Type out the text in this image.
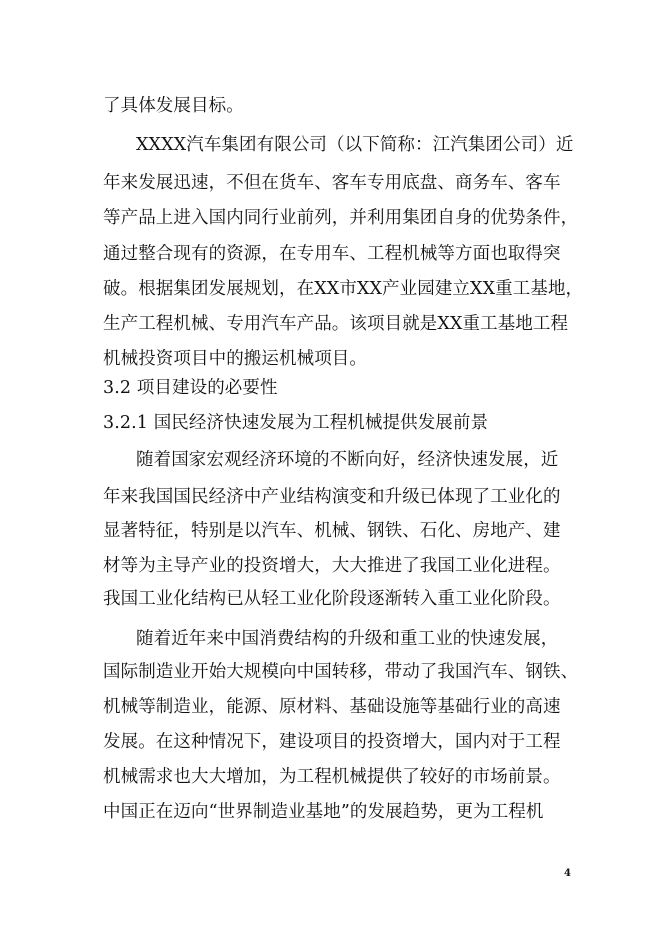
了具体发展目标。

XXXX汽车集团有限公司（以下简称：江汽集团公司）近

年来发展迅速，不但在货车、客车专用底盘、商务车、客车

等产品上进入国内同行业前列，并利用集团自身的优势条件，

通过整合现有的资源，在专用车、工程机械等方面也取得突

破。根据集团发展规划，在XX市XX产业园建立XX重工基地，

生产工程机械、专用汽车产品。该项目就是XX重工基地工程

机械投资项目中的搬运机械项目。

3.2 项目建设的必要性

3.2.1 国民经济快速发展为工程机械提供发展前景

随着国家宏观经济环境的不断向好，经济快速发展，近

年来我国国民经济中产业结构演变和升级已体现了工业化的

显著特征，特别是以汽车、机械、钢铁、石化、房地产、建

材等为主导产业的投资增大，大大推进了我国工业化进程。

我国工业化结构已从轻工业化阶段逐渐转入重工业化阶段。

随着近年来中国消费结构的升级和重工业的快速发展，

国际制造业开始大规模向中国转移，带动了我国汽车、钢铁、

机械等制造业，能源、原材料、基础设施等基础行业的高速

发展。在这种情况下，建设项目的投资增大，国内对于工程

机械需求也大大增加，为工程机械提供了较好的市场前景。

中国正在迈向“世界制造业基地”的发展趋势，更为工程机

4
